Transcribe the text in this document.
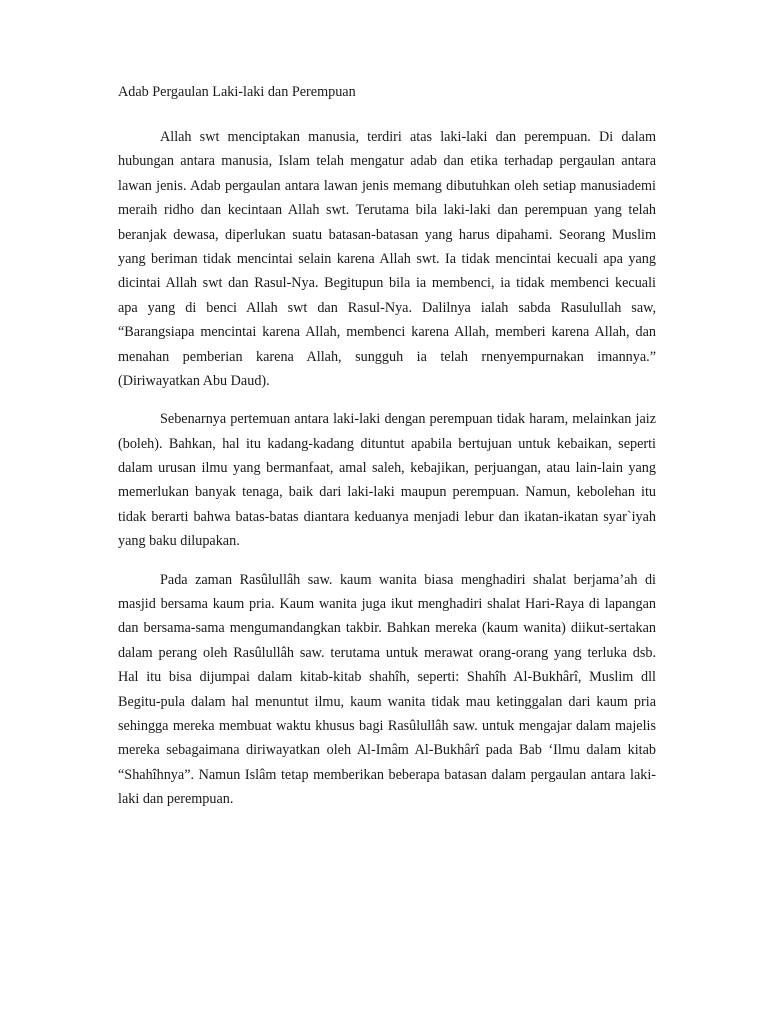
Adab Pergaulan Laki-laki dan Perempuan
Allah swt menciptakan manusia, terdiri atas laki-laki dan perempuan. Di dalam
hubungan antara manusia, Islam telah mengatur adab dan etika terhadap pergaulan antara
lawan jenis. Adab pergaulan antara lawan jenis memang dibutuhkan oleh setiap manusiademi
meraih ridho dan kecintaan Allah swt. Terutama bila laki-laki dan perempuan yang telah
beranjak dewasa, diperlukan suatu batasan-batasan yang harus dipahami. Seorang Muslim
yang beriman tidak mencintai selain karena Allah swt. Ia tidak mencintai kecuali apa yang
dicintai Allah swt dan Rasul-Nya. Begitupun bila ia membenci, ia tidak membenci kecuali
apa yang di benci Allah swt dan Rasul-Nya. Dalilnya ialah sabda Rasulullah saw,
“Barangsiapa mencintai karena Allah, membenci karena Allah, memberi karena Allah, dan
menahan pemberian karena Allah, sungguh ia telah rnenyempurnakan imannya.”
(Diriwayatkan Abu Daud).
Sebenarnya pertemuan antara laki-laki dengan perempuan tidak haram, melainkan jaiz
(boleh). Bahkan, hal itu kadang-kadang dituntut apabila bertujuan untuk kebaikan, seperti
dalam urusan ilmu yang bermanfaat, amal saleh, kebajikan, perjuangan, atau lain-lain yang
memerlukan banyak tenaga, baik dari laki-laki maupun perempuan. Namun, kebolehan itu
tidak berarti bahwa batas-batas diantara keduanya menjadi lebur dan ikatan-ikatan syar`iyah
yang baku dilupakan.
Pada zaman Rasûlullâh saw. kaum wanita biasa menghadiri shalat berjama’ah di
masjid bersama kaum pria. Kaum wanita juga ikut menghadiri shalat Hari-Raya di lapangan
dan bersama-sama mengumandangkan takbir. Bahkan mereka (kaum wanita) diikut-sertakan
dalam perang oleh Rasûlullâh saw. terutama untuk merawat orang-orang yang terluka dsb.
Hal itu bisa dijumpai dalam kitab-kitab shahîh, seperti: Shahîh Al-Bukhârî, Muslim dll
Begitu-pula dalam hal menuntut ilmu, kaum wanita tidak mau ketinggalan dari kaum pria
sehingga mereka membuat waktu khusus bagi Rasûlullâh saw. untuk mengajar dalam majelis
mereka sebagaimana diriwayatkan oleh Al-Imâm Al-Bukhârî pada Bab ‘Ilmu dalam kitab
“Shahîhnya”. Namun Islâm tetap memberikan beberapa batasan dalam pergaulan antara laki-
laki dan perempuan.
